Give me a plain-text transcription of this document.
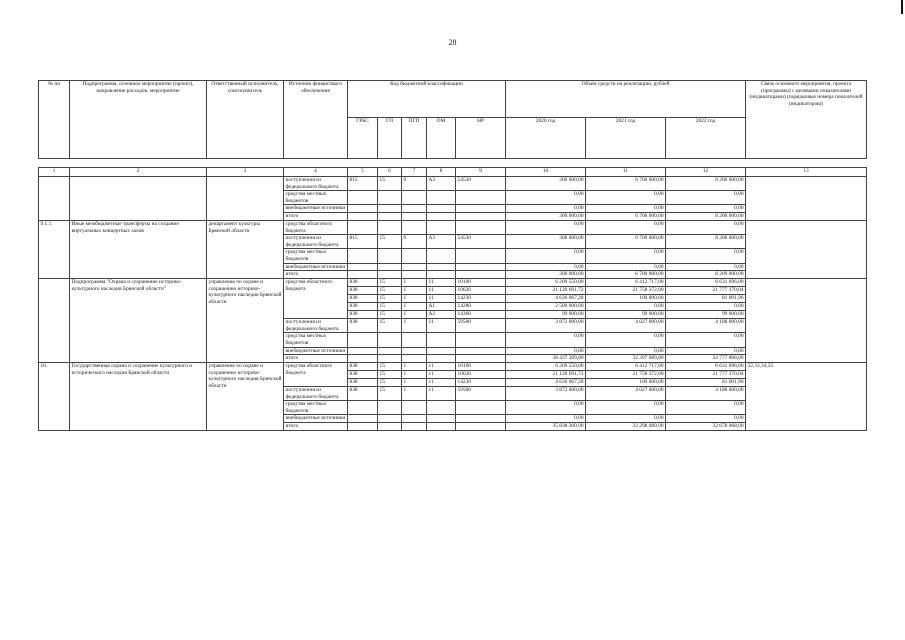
28
№ пп	Подпрограмма, основное мероприятие (проект), направление расходов, мероприятие	Ответственный исполнитель, соисполнитель	Источник финансового обеспечения	Код бюджетной классификации					Объём средств на реализацию, рублей			Связь основного мероприятия, проекта (программы) с целевыми показателями (индикаторами) (порядковые номера показателей (индикаторов))
				ГРБС	ГП	ПГП	ОМ	НР	2020 год	2021 год	2022 год	

1	2	3	4	5	6	7	8	9	10	11	12	13
			поступления из федерального бюджета	815	15	0	А3	54530	300 000,00	6 700 000,00	8 200 000,00	
			средства местных бюджетов						0,00	0,00	0,00	
			внебюджетные источники						0,00	0,00	0,00	
			итого						300 000,00	6 700 000,00	8 200 000,00	
9.1.1.	Иные межбюджетные трансферты на создание виртуальных концертных залов	департамент культуры Брянской области	средства областного бюджета						0,00	0,00	0,00	
			поступления из федерального бюджета	815	15	0	А3	54530	300 000,00	6 700 000,00	8 200 000,00	
			средства местных бюджетов						0,00	0,00	0,00	
			внебюджетные источники						0,00	0,00	0,00	
			итого						300 000,00	6 700 000,00	8 209 000,00	
	Подпрограмма "Охрана и сохранение историко-культурного наследия Брянской области"	управление по охране и сохранению историко-культурного наследия Брянской области	средства областного бюджета	838	15	1	11	10100	6 209 550,00	6 412 717,00	6 631 696,00	
				838	15	1	11	10620	21 120 691,72	21 758 372,00	21 777 370,04	
				838	15	1	11	14230	4 636 067,28	100 000,00	81 001,96	
				838	15	1	А1	14280	2 500 000,00	0,00	0,00	
				838	15	1	А2	14360	99 000,00	99 000,00	99 000,00	
			поступления из федерального бюджета	838	15	1	11	59500	3 872 000,00	4 027 000,00	4 188 000,00	
			средства местных бюджетов						0,00	0,00	0,00	
			внебюджетные источники						0,00	0,00	0,00	
			итого						38 437 309,00	32 397 089,00	32 777 068,00	
10.	Государственная охрана и сохранение культурного и исторического наследия Брянской области	управление по охране и сохранению историко-культурного наследия Брянской области	средства областного бюджета	838	15	1	11	10100	6 209 550,00	6 412 717,00	6 631 696,00	32,33,34,35
				838	15	1	11	10620	21 120 691,72	21 758 372,00	21 777 370,04	
				838	15	1	11	14230	4 636 067,28	100 000,00	81 001,96	
			поступления из федерального бюджета	838	15	1	11	59500	3 872 000,00	4 027 000,00	4 188 000,00	
			средства местных бюджетов						0,00	0,00	0,00	
			внебюджетные источники						0,00	0,00	0,00	
			итого						35 838 309,00	32 298 089,00	32 678 068,00	
